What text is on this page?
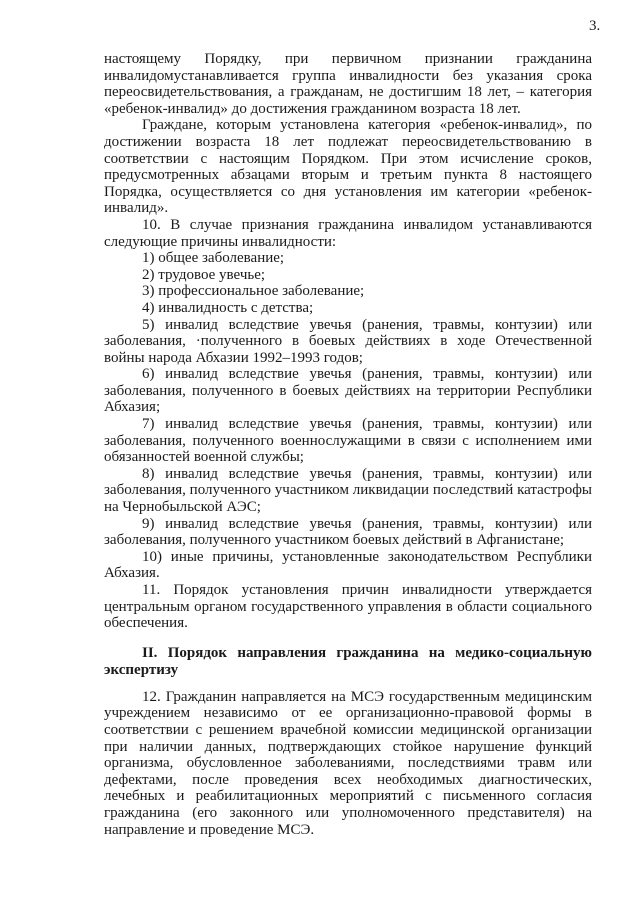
3.

настоящему Порядку, при первичном признании гражданина инвалидомустанавливается группа инвалидности без указания срока переосвидетельствования, а гражданам, не достигшим 18 лет, – категория «ребенок-инвалид» до достижения гражданином возраста 18 лет.

Граждане, которым установлена категория «ребенок-инвалид», по достижении возраста 18 лет подлежат переосвидетельствованию в соответствии с настоящим Порядком. При этом исчисление сроков, предусмотренных абзацами вторым и третьим пункта 8 настоящего Порядка, осуществляется со дня установления им категории «ребенок-инвалид».

10. В случае признания гражданина инвалидом устанавливаются следующие причины инвалидности:

1) общее заболевание;

2) трудовое увечье;

3) профессиональное заболевание;

4) инвалидность с детства;

5) инвалид вследствие увечья (ранения, травмы, контузии) или заболевания, ·полученного в боевых действиях в ходе Отечественной войны народа Абхазии 1992–1993 годов;

6) инвалид вследствие увечья (ранения, травмы, контузии) или заболевания, полученного в боевых действиях на территории Республики Абхазия;

7) инвалид вследствие увечья (ранения, травмы, контузии) или заболевания, полученного военнослужащими в связи с исполнением ими обязанностей военной службы;

8) инвалид вследствие увечья (ранения, травмы, контузии) или заболевания, полученного участником ликвидации последствий катастрофы на Чернобыльской АЭС;

9) инвалид вследствие увечья (ранения, травмы, контузии) или заболевания, полученного участником боевых действий в Афганистане;

10) иные причины, установленные законодательством Республики Абхазия.

11. Порядок установления причин инвалидности утверждается центральным органом государственного управления в области социального обеспечения.

II. Порядок направления гражданина на медико-социальную экспертизу

12. Гражданин направляется на МСЭ государственным медицинским учреждением независимо от ее организационно-правовой формы в соответствии с решением врачебной комиссии медицинской организации при наличии данных, подтверждающих стойкое нарушение функций организма, обусловленное заболеваниями, последствиями травм или дефектами, после проведения всех необходимых диагностических, лечебных и реабилитационных мероприятий с письменного согласия гражданина (его законного или уполномоченного представителя) на направление и проведение МСЭ.
